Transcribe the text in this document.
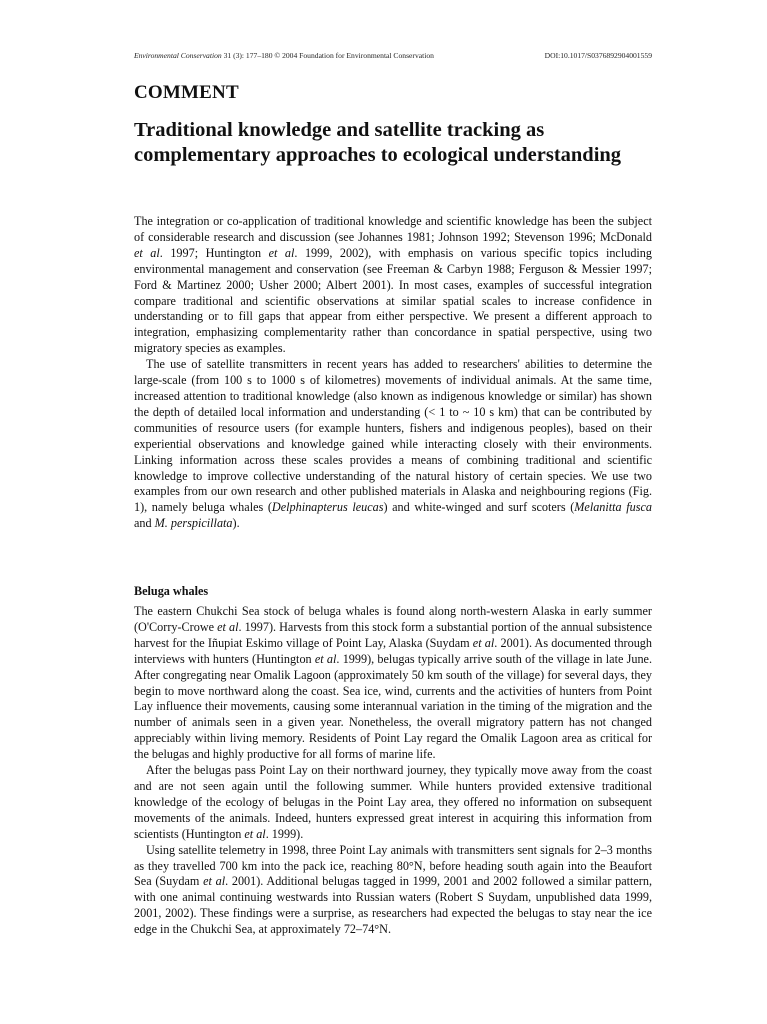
Environmental Conservation 31 (3): 177–180 © 2004 Foundation for Environmental Conservation	DOI:10.1017/S0376892904001559
COMMENT
Traditional knowledge and satellite tracking as
complementary approaches to ecological understanding

The integration or co-application of traditional knowledge and scientific knowledge has been the subject of considerable research and discussion (see Johannes 1981; Johnson 1992; Stevenson 1996; McDonald et al. 1997; Huntington et al. 1999, 2002), with emphasis on various specific topics including environmental management and conservation (see Freeman & Carbyn 1988; Ferguson & Messier 1997; Ford & Martinez 2000; Usher 2000; Albert 2001). In most cases, examples of successful integration compare traditional and scientific observations at similar spatial scales to increase confidence in understanding or to fill gaps that appear from either perspective. We present a different approach to integration, emphasizing complementarity rather than concordance in spatial perspective, using two migratory species as examples.

The use of satellite transmitters in recent years has added to researchers' abilities to determine the large-scale (from 100 s to 1000 s of kilometres) movements of individual animals. At the same time, increased attention to traditional knowledge (also known as indigenous knowledge or similar) has shown the depth of detailed local information and understanding (< 1 to ~ 10 s km) that can be contributed by communities of resource users (for example hunters, fishers and indigenous peoples), based on their experiential observations and knowledge gained while interacting closely with their environments. Linking information across these scales provides a means of combining traditional and scientific knowledge to improve collective understanding of the natural history of certain species. We use two examples from our own research and other published materials in Alaska and neighbouring regions (Fig. 1), namely beluga whales (Delphinapterus leucas) and white-winged and surf scoters (Melanitta fusca and M. perspicillata).

Beluga whales

The eastern Chukchi Sea stock of beluga whales is found along north-western Alaska in early summer (O'Corry-Crowe et al. 1997). Harvests from this stock form a substantial portion of the annual subsistence harvest for the Iñupiat Eskimo village of Point Lay, Alaska (Suydam et al. 2001). As documented through interviews with hunters (Huntington et al. 1999), belugas typically arrive south of the village in late June. After congregating near Omalik Lagoon (approximately 50 km south of the village) for several days, they begin to move northward along the coast. Sea ice, wind, currents and the activities of hunters from Point Lay influence their movements, causing some interannual variation in the timing of the migration and the number of animals seen in a given year. Nonetheless, the overall migratory pattern has not changed appreciably within living memory. Residents of Point Lay regard the Omalik Lagoon area as critical for the belugas and highly productive for all forms of marine life.

After the belugas pass Point Lay on their northward journey, they typically move away from the coast and are not seen again until the following summer. While hunters provided extensive traditional knowledge of the ecology of belugas in the Point Lay area, they offered no information on subsequent movements of the animals. Indeed, hunters expressed great interest in acquiring this information from scientists (Huntington et al. 1999).

Using satellite telemetry in 1998, three Point Lay animals with transmitters sent signals for 2–3 months as they travelled 700 km into the pack ice, reaching 80°N, before heading south again into the Beaufort Sea (Suydam et al. 2001). Additional belugas tagged in 1999, 2001 and 2002 followed a similar pattern, with one animal continuing westwards into Russian waters (Robert S Suydam, unpublished data 1999, 2001, 2002). These findings were a surprise, as researchers had expected the belugas to stay near the ice edge in the Chukchi Sea, at approximately 72–74°N.
